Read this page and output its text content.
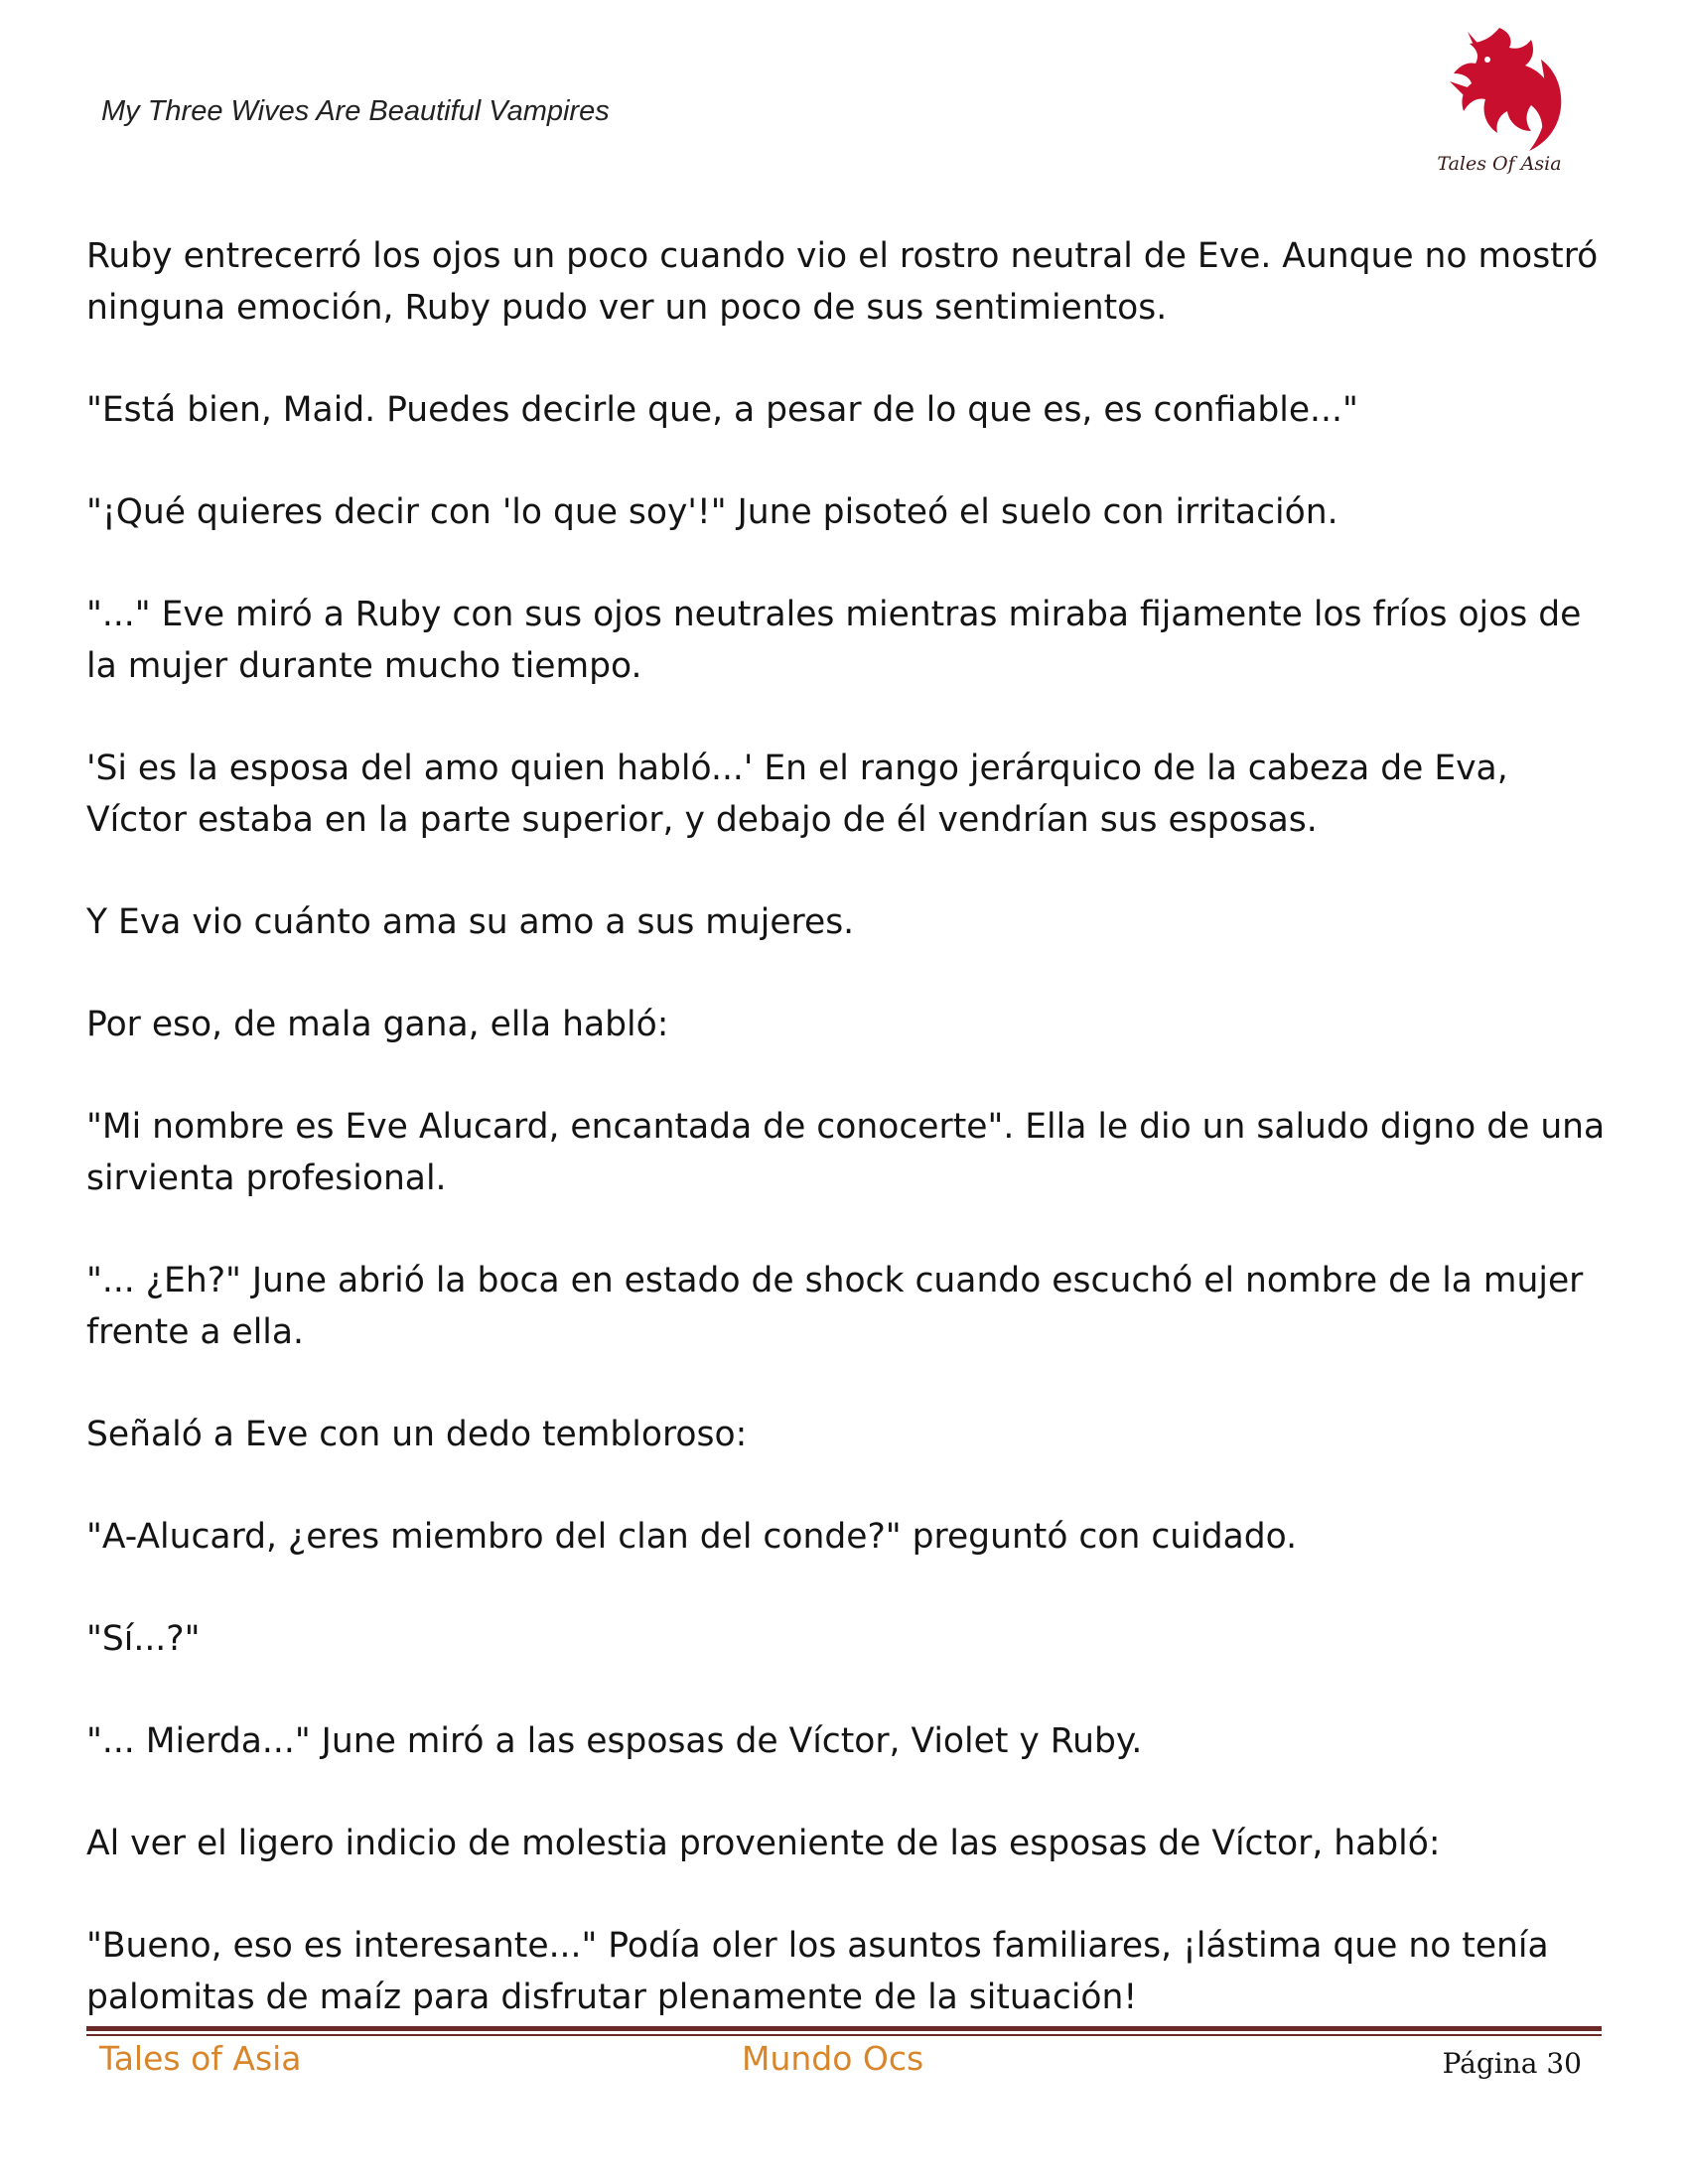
My Three Wives Are Beautiful Vampires
Tales Of Asia

Ruby entrecerró los ojos un poco cuando vio el rostro neutral de Eve. Aunque no mostró ninguna emoción, Ruby pudo ver un poco de sus sentimientos.

"Está bien, Maid. Puedes decirle que, a pesar de lo que es, es confiable..."

"¡Qué quieres decir con 'lo que soy'!" June pisoteó el suelo con irritación.

"..." Eve miró a Ruby con sus ojos neutrales mientras miraba fijamente los fríos ojos de la mujer durante mucho tiempo.

'Si es la esposa del amo quien habló...' En el rango jerárquico de la cabeza de Eva, Víctor estaba en la parte superior, y debajo de él vendrían sus esposas.

Y Eva vio cuánto ama su amo a sus mujeres.

Por eso, de mala gana, ella habló:

"Mi nombre es Eve Alucard, encantada de conocerte". Ella le dio un saludo digno de una sirvienta profesional.

"... ¿Eh?" June abrió la boca en estado de shock cuando escuchó el nombre de la mujer frente a ella.

Señaló a Eve con un dedo tembloroso:

"A-Alucard, ¿eres miembro del clan del conde?" preguntó con cuidado.

"Sí...?"

"... Mierda..." June miró a las esposas de Víctor, Violet y Ruby.

Al ver el ligero indicio de molestia proveniente de las esposas de Víctor, habló:

"Bueno, eso es interesante..." Podía oler los asuntos familiares, ¡lástima que no tenía palomitas de maíz para disfrutar plenamente de la situación!

Tales of Asia	Mundo Ocs	Página 30
